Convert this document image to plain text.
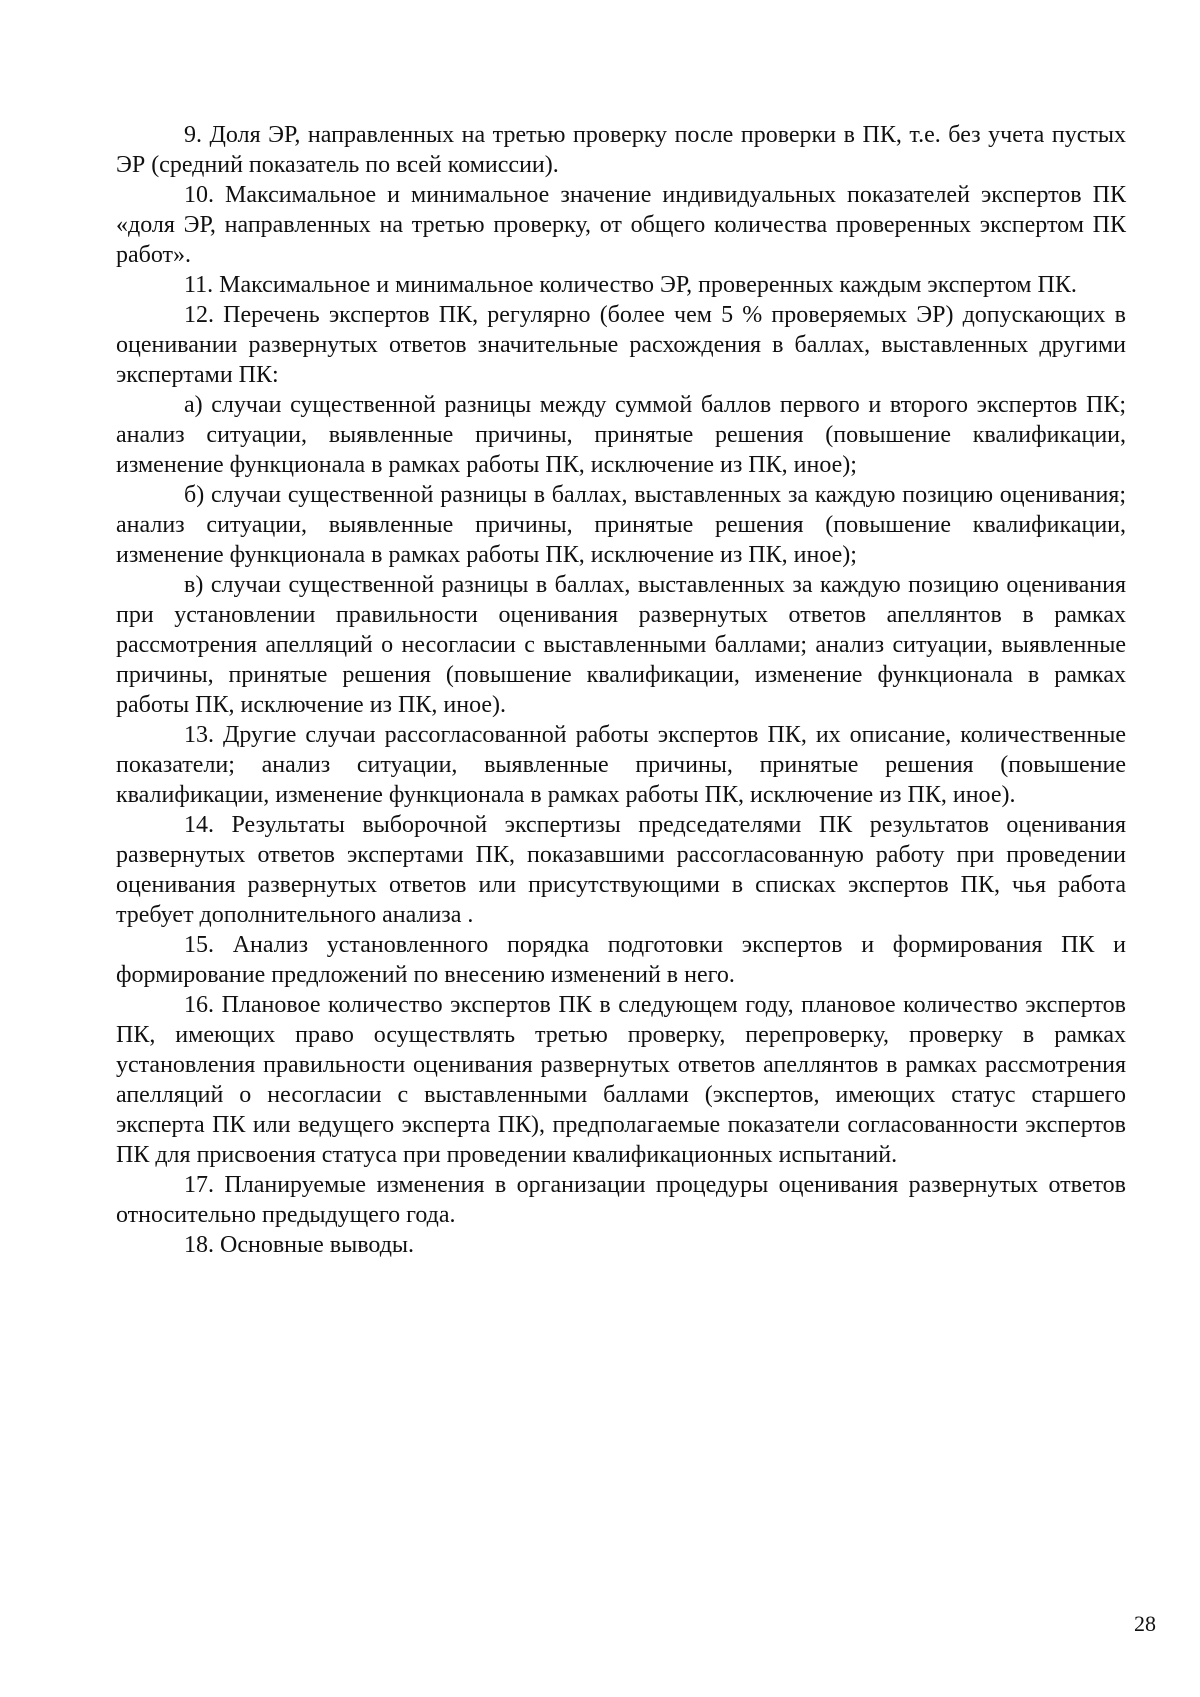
9. Доля ЭР, направленных на третью проверку после проверки в ПК, т.е. без учета пустых ЭР (средний показатель по всей комиссии).

10. Максимальное и минимальное значение индивидуальных показателей экспертов ПК «доля ЭР, направленных на третью проверку, от общего количества проверенных экспертом ПК работ».

11. Максимальное и минимальное количество ЭР, проверенных каждым экспертом ПК.

12. Перечень экспертов ПК, регулярно (более чем 5 % проверяемых ЭР) допускающих в оценивании развернутых ответов значительные расхождения в баллах, выставленных другими экспертами ПК:

а) случаи существенной разницы между суммой баллов первого и второго экспертов ПК; анализ ситуации, выявленные причины, принятые решения (повышение квалификации, изменение функционала в рамках работы ПК, исключение из ПК, иное);

б) случаи существенной разницы в баллах, выставленных за каждую позицию оценивания; анализ ситуации, выявленные причины, принятые решения (повышение квалификации, изменение функционала в рамках работы ПК, исключение из ПК, иное);

в) случаи существенной разницы в баллах, выставленных за каждую позицию оценивания при установлении правильности оценивания развернутых ответов апеллянтов в рамках рассмотрения апелляций о несогласии с выставленными баллами; анализ ситуации, выявленные причины, принятые решения (повышение квалификации, изменение функционала в рамках работы ПК, исключение из ПК, иное).

13. Другие случаи рассогласованной работы экспертов ПК, их описание, количественные показатели; анализ ситуации, выявленные причины, принятые решения (повышение квалификации, изменение функционала в рамках работы ПК, исключение из ПК, иное).

14. Результаты выборочной экспертизы председателями ПК результатов оценивания развернутых ответов экспертами ПК, показавшими рассогласованную работу при проведении оценивания развернутых ответов или присутствующими в списках экспертов ПК, чья работа требует дополнительного анализа .

15. Анализ установленного порядка подготовки экспертов и формирования ПК и формирование предложений по внесению изменений в него.

16. Плановое количество экспертов ПК в следующем году, плановое количество экспертов ПК, имеющих право осуществлять третью проверку, перепроверку, проверку в рамках установления правильности оценивания развернутых ответов апеллянтов в рамках рассмотрения апелляций о несогласии с выставленными баллами (экспертов, имеющих статус старшего эксперта ПК или ведущего эксперта ПК), предполагаемые показатели согласованности экспертов ПК для присвоения статуса при проведении квалификационных испытаний.

17. Планируемые изменения в организации процедуры оценивания развернутых ответов относительно предыдущего года.

18. Основные выводы.

28
